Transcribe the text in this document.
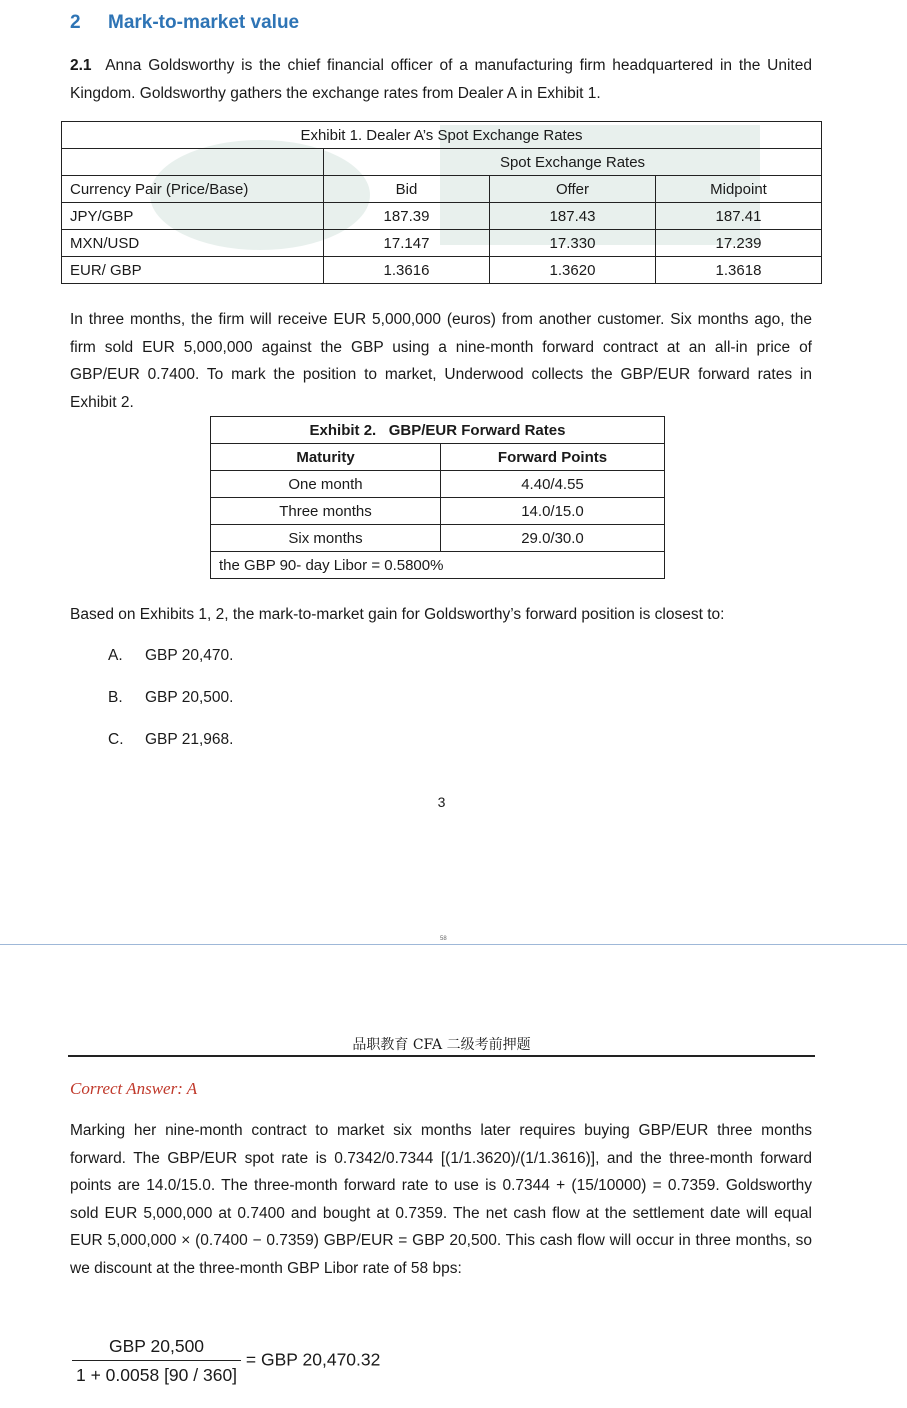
2 Mark-to-market value
2.1 Anna Goldsworthy is the chief financial officer of a manufacturing firm headquartered in the United Kingdom. Goldsworthy gathers the exchange rates from Dealer A in Exhibit 1.
Exhibit 1. Dealer A’s Spot Exchange Rates			
	Spot Exchange Rates		
Currency Pair (Price/Base)	Bid	Offer	Midpoint
JPY/GBP	187.39	187.43	187.41
MXN/USD	17.147	17.330	17.239
EUR/ GBP	1.3616	1.3620	1.3618
In three months, the firm will receive EUR 5,000,000 (euros) from another customer. Six months ago, the firm sold EUR 5,000,000 against the GBP using a nine-month forward contract at an all-in price of GBP/EUR 0.7400. To mark the position to market, Underwood collects the GBP/EUR forward rates in Exhibit 2.
Exhibit 2. GBP/EUR Forward Rates	
Maturity	Forward Points
One month	4.40/4.55
Three months	14.0/15.0
Six months	29.0/30.0
the GBP 90- day Libor = 0.5800%	
Based on Exhibits 1, 2, the mark-to-market gain for Goldsworthy’s forward position is closest to:
A. GBP 20,470.
B. GBP 20,500.
C. GBP 21,968.
3
58
品职教育 CFA 二级考前押题
Correct Answer: A
Marking her nine-month contract to market six months later requires buying GBP/EUR three months forward. The GBP/EUR spot rate is 0.7342/0.7344 [(1/1.3620)/(1/1.3616)], and the three-month forward points are 14.0/15.0. The three-month forward rate to use is 0.7344 + (15/10000) = 0.7359. Goldsworthy sold EUR 5,000,000 at 0.7400 and bought at 0.7359. The net cash flow at the settlement date will equal EUR 5,000,000 × (0.7400 − 0.7359) GBP/EUR = GBP 20,500. This cash flow will occur in three months, so we discount at the three-month GBP Libor rate of 58 bps:
$\frac{\text{GBP 20,500}}{1 + 0.0058 [90 / 360]}$ = GBP 20,470.32
